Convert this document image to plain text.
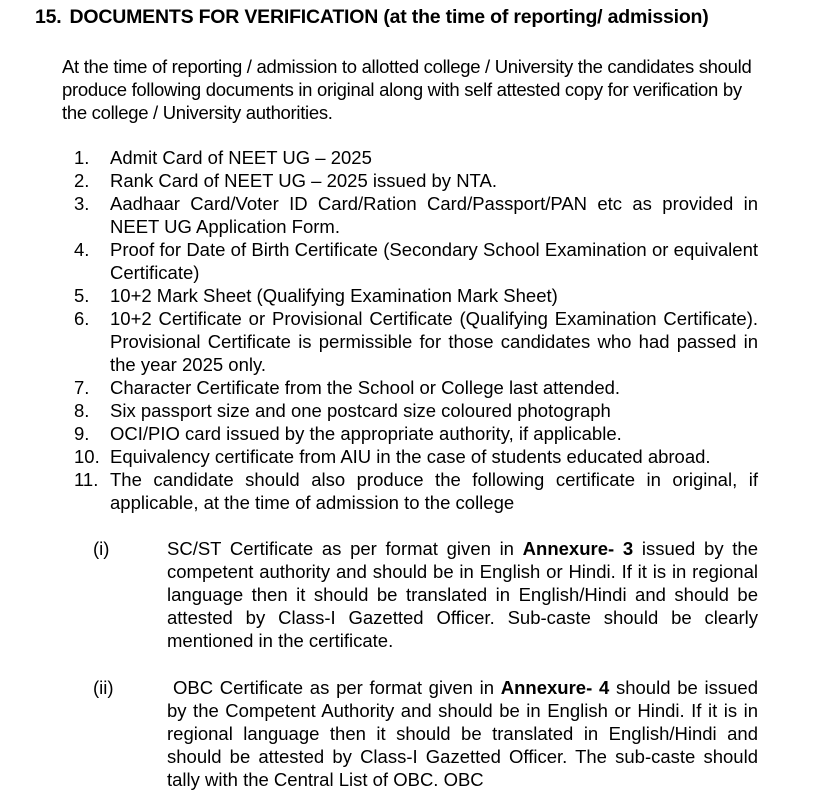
15. DOCUMENTS FOR VERIFICATION (at the time of reporting/ admission)
At the time of reporting / admission to allotted college / University the candidates should produce following documents in original along with self attested copy for verification by the college / University authorities.
1. Admit Card of NEET UG – 2025
2. Rank Card of NEET UG – 2025 issued by NTA.
3. Aadhaar Card/Voter ID Card/Ration Card/Passport/PAN etc as provided in NEET UG Application Form.
4. Proof for Date of Birth Certificate (Secondary School Examination or equivalent Certificate)
5. 10+2 Mark Sheet (Qualifying Examination Mark Sheet)
6. 10+2 Certificate or Provisional Certificate (Qualifying Examination Certificate). Provisional Certificate is permissible for those candidates who had passed in the year 2025 only.
7. Character Certificate from the School or College last attended.
8. Six passport size and one postcard size coloured photograph
9. OCI/PIO card issued by the appropriate authority, if applicable.
10. Equivalency certificate from AIU in the case of students educated abroad.
11. The candidate should also produce the following certificate in original, if applicable, at the time of admission to the college
(i)	SC/ST Certificate as per format given in Annexure- 3 issued by the competent authority and should be in English or Hindi. If it is in regional language then it should be translated in English/Hindi and should be attested by Class-I Gazetted Officer. Sub-caste should be clearly mentioned in the certificate.
(ii)	OBC Certificate as per format given in Annexure- 4 should be issued by the Competent Authority and should be in English or Hindi. If it is in regional language then it should be translated in English/Hindi and should be attested by Class-I Gazetted Officer. The sub-caste should tally with the Central List of OBC. OBC
